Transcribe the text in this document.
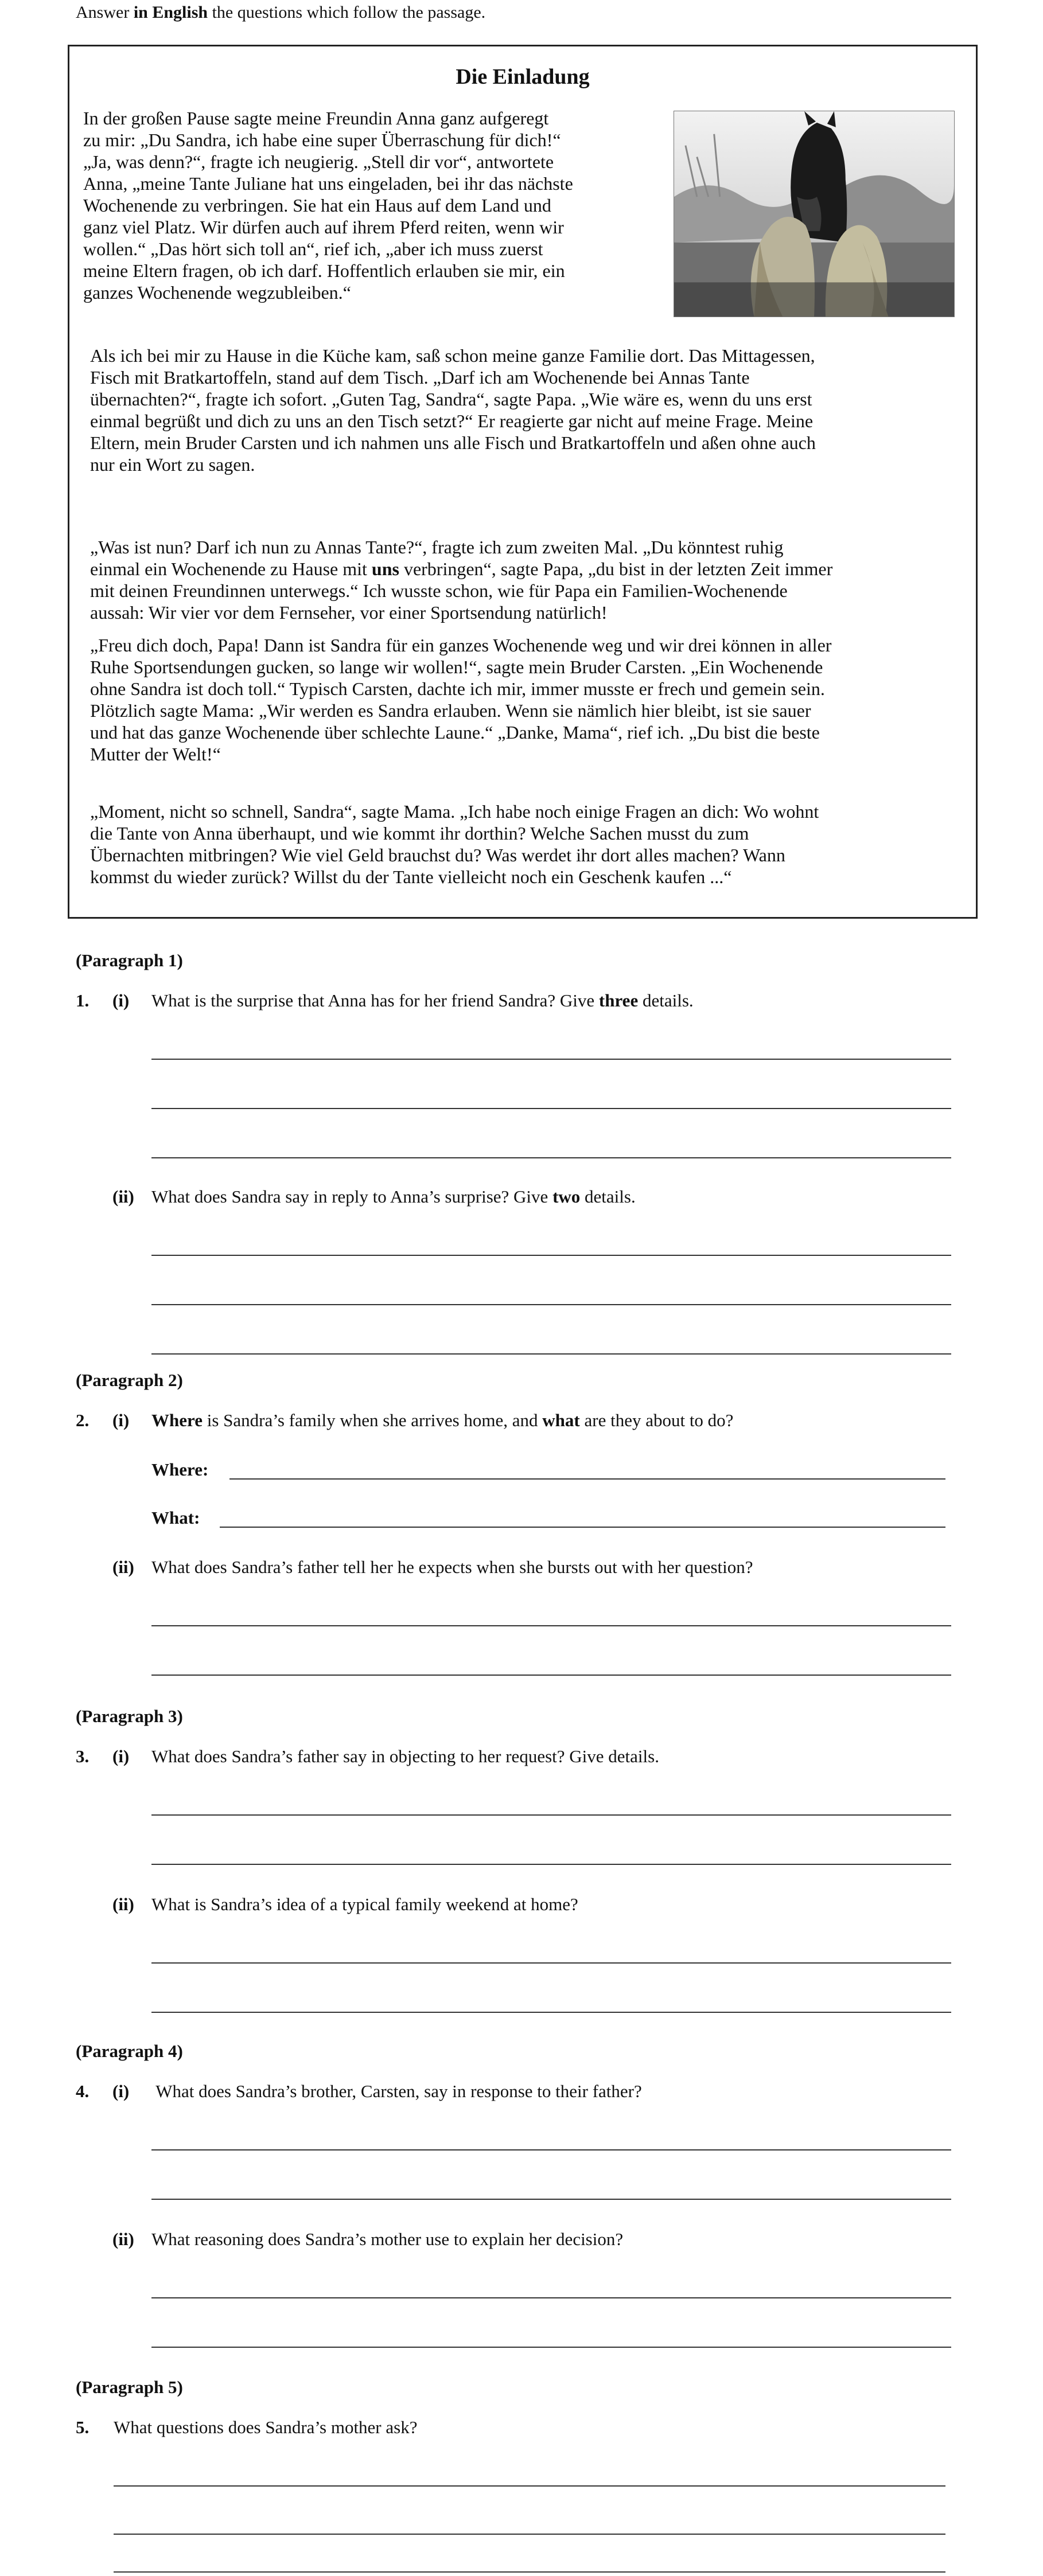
Answer in English the questions which follow the passage.
Die Einladung

In der großen Pause sagte meine Freundin Anna ganz aufgeregt
zu mir: „Du Sandra, ich habe eine super Überraschung für dich!“
„Ja, was denn?“, fragte ich neugierig. „Stell dir vor“, antwortete
Anna, „meine Tante Juliane hat uns eingeladen, bei ihr das nächste
Wochenende zu verbringen. Sie hat ein Haus auf dem Land und
ganz viel Platz. Wir dürfen auch auf ihrem Pferd reiten, wenn wir
wollen.“ „Das hört sich toll an“, rief ich, „aber ich muss zuerst
meine Eltern fragen, ob ich darf. Hoffentlich erlauben sie mir, ein
ganzes Wochenende wegzubleiben.“

Als ich bei mir zu Hause in die Küche kam, saß schon meine ganze Familie dort. Das Mittagessen,
Fisch mit Bratkartoffeln, stand auf dem Tisch. „Darf ich am Wochenende bei Annas Tante
übernachten?“, fragte ich sofort. „Guten Tag, Sandra“, sagte Papa. „Wie wäre es, wenn du uns erst
einmal begrüßt und dich zu uns an den Tisch setzt?“ Er reagierte gar nicht auf meine Frage. Meine
Eltern, mein Bruder Carsten und ich nahmen uns alle Fisch und Bratkartoffeln und aßen ohne auch
nur ein Wort zu sagen.

„Was ist nun? Darf ich nun zu Annas Tante?“, fragte ich zum zweiten Mal. „Du könntest ruhig
einmal ein Wochenende zu Hause mit uns verbringen“, sagte Papa, „du bist in der letzten Zeit immer
mit deinen Freundinnen unterwegs.“ Ich wusste schon, wie für Papa ein Familien-Wochenende
aussah: Wir vier vor dem Fernseher, vor einer Sportsendung natürlich!

„Freu dich doch, Papa! Dann ist Sandra für ein ganzes Wochenende weg und wir drei können in aller
Ruhe Sportsendungen gucken, so lange wir wollen!“, sagte mein Bruder Carsten. „Ein Wochenende
ohne Sandra ist doch toll.“ Typisch Carsten, dachte ich mir, immer musste er frech und gemein sein.
Plötzlich sagte Mama: „Wir werden es Sandra erlauben. Wenn sie nämlich hier bleibt, ist sie sauer
und hat das ganze Wochenende über schlechte Laune.“ „Danke, Mama“, rief ich. „Du bist die beste
Mutter der Welt!“

„Moment, nicht so schnell, Sandra“, sagte Mama. „Ich habe noch einige Fragen an dich: Wo wohnt
die Tante von Anna überhaupt, und wie kommt ihr dorthin? Welche Sachen musst du zum
Übernachten mitbringen? Wie viel Geld brauchst du? Was werdet ihr dort alles machen? Wann
kommst du wieder zurück? Willst du der Tante vielleicht noch ein Geschenk kaufen ...“

(Paragraph 1)
1. (i) What is the surprise that Anna has for her friend Sandra? Give three details.
(ii) What does Sandra say in reply to Anna’s surprise? Give two details.
(Paragraph 2)
2. (i) Where is Sandra’s family when she arrives home, and what are they about to do?
Where:
What:
(ii) What does Sandra’s father tell her he expects when she bursts out with her question?
(Paragraph 3)
3. (i) What does Sandra’s father say in objecting to her request? Give details.
(ii) What is Sandra’s idea of a typical family weekend at home?
(Paragraph 4)
4. (i) What does Sandra’s brother, Carsten, say in response to their father?
(ii) What reasoning does Sandra’s mother use to explain her decision?
(Paragraph 5)
5. What questions does Sandra’s mother ask?
